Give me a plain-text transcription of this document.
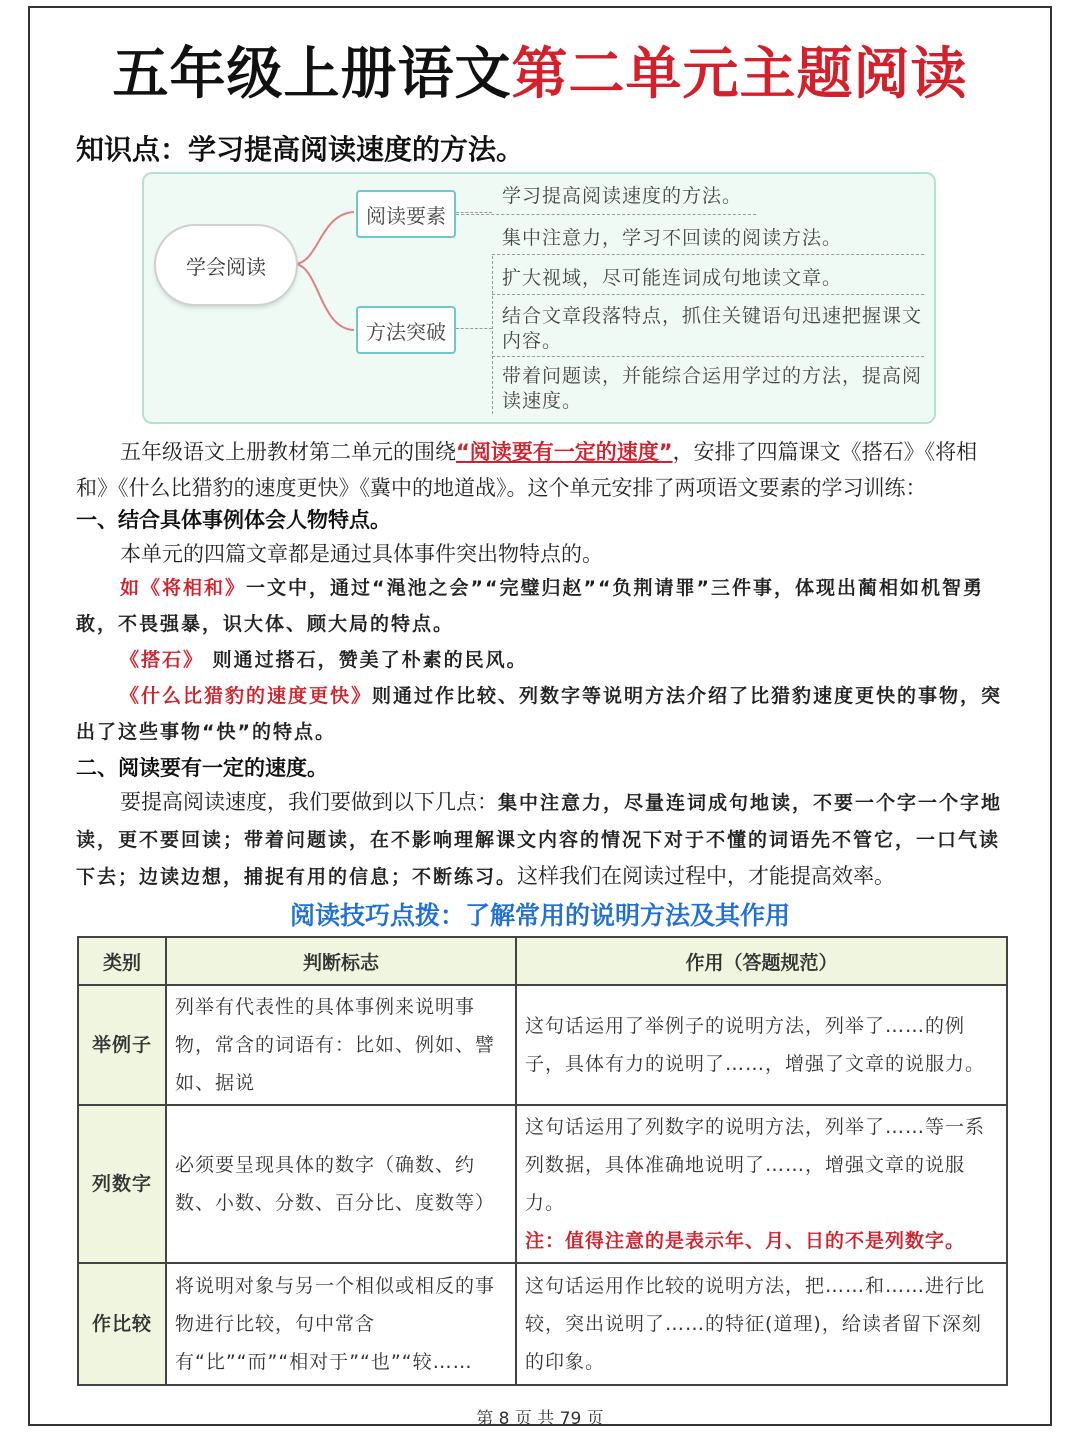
五年级上册语文第二单元主题阅读
知识点：学习提高阅读速度的方法。
学会阅读
阅读要素
方法突破
学习提高阅读速度的方法。
集中注意力，学习不回读的阅读方法。
扩大视域，尽可能连词成句地读文章。
结合文章段落特点，抓住关键语句迅速把握课文内容。
带着问题读，并能综合运用学过的方法，提高阅读速度。
五年级语文上册教材第二单元的围绕“阅读要有一定的速度”，安排了四篇课文《搭石》《将相和》《什么比猎豹的速度更快》《冀中的地道战》。这个单元安排了两项语文要素的学习训练：
一、结合具体事例体会人物特点。
本单元的四篇文章都是通过具体事件突出物特点的。
如《将相和》一文中，通过“渑池之会”“完璧归赵”“负荆请罪”三件事，体现出蔺相如机智勇敢，不畏强暴，识大体、顾大局的特点。
《搭石》 则通过搭石，赞美了朴素的民风。
《什么比猎豹的速度更快》则通过作比较、列数字等说明方法介绍了比猎豹速度更快的事物，突出了这些事物“快”的特点。
二、阅读要有一定的速度。
要提高阅读速度，我们要做到以下几点：集中注意力，尽量连词成句地读，不要一个字一个字地读，更不要回读；带着问题读，在不影响理解课文内容的情况下对于不懂的词语先不管它，一口气读下去；边读边想，捕捉有用的信息；不断练习。这样我们在阅读过程中，才能提高效率。
阅读技巧点拨：了解常用的说明方法及其作用
类别	判断标志	作用（答题规范）
举例子	列举有代表性的具体事例来说明事物，常含的词语有：比如、例如、譬如、据说	这句话运用了举例子的说明方法，列举了……的例子，具体有力的说明了……，增强了文章的说服力。
列数字	必须要呈现具体的数字（确数、约数、小数、分数、百分比、度数等）	这句话运用了列数字的说明方法，列举了……等一系列数据，具体准确地说明了……，增强文章的说服力。
注：值得注意的是表示年、月、日的不是列数字。
作比较	将说明对象与另一个相似或相反的事物进行比较，句中常含有“比”“而”“相对于”“也”“较……	这句话运用作比较的说明方法，把……和……进行比较，突出说明了……的特征(道理)，给读者留下深刻的印象。
第 8 页 共 79 页
